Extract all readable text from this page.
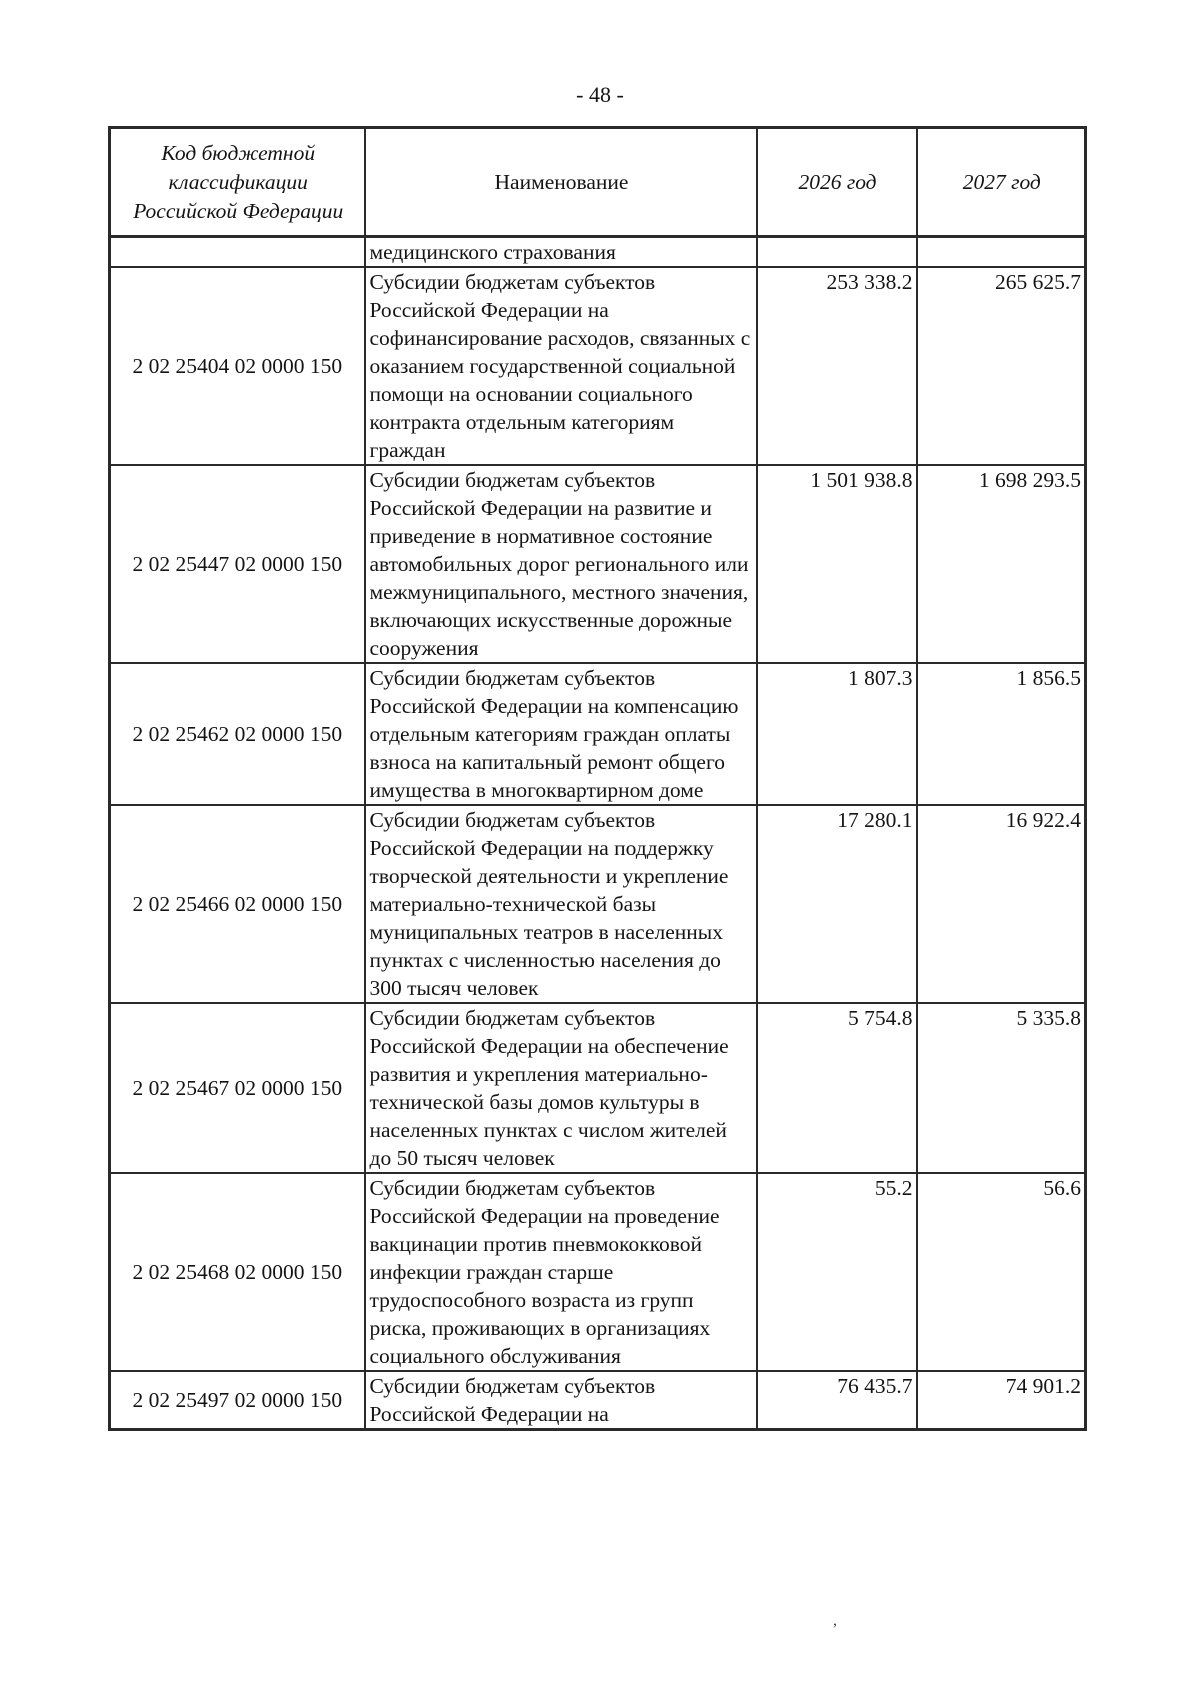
- 48 -
Код бюджетной классификации Российской Федерации	Наименование	2026 год	2027 год
	медицинского страхования		
2 02 25404 02 0000 150	Субсидии бюджетам субъектов Российской Федерации на софинансирование расходов, связанных с оказанием государственной социальной помощи на основании социального контракта отдельным категориям граждан	253 338.2	265 625.7
2 02 25447 02 0000 150	Субсидии бюджетам субъектов Российской Федерации на развитие и приведение в нормативное состояние автомобильных дорог регионального или межмуниципального, местного значения, включающих искусственные дорожные сооружения	1 501 938.8	1 698 293.5
2 02 25462 02 0000 150	Субсидии бюджетам субъектов Российской Федерации на компенсацию отдельным категориям граждан оплаты взноса на капитальный ремонт общего имущества в многоквартирном доме	1 807.3	1 856.5
2 02 25466 02 0000 150	Субсидии бюджетам субъектов Российской Федерации на поддержку творческой деятельности и укрепление материально-технической базы муниципальных театров в населенных пунктах с численностью населения до 300 тысяч человек	17 280.1	16 922.4
2 02 25467 02 0000 150	Субсидии бюджетам субъектов Российской Федерации на обеспечение развития и укрепления материально-технической базы домов культуры в населенных пунктах с числом жителей до 50 тысяч человек	5 754.8	5 335.8
2 02 25468 02 0000 150	Субсидии бюджетам субъектов Российской Федерации на проведение вакцинации против пневмококковой инфекции граждан старше трудоспособного возраста из групп риска, проживающих в организациях социального обслуживания	55.2	56.6
2 02 25497 02 0000 150	Субсидии бюджетам субъектов Российской Федерации на	76 435.7	74 901.2
,
